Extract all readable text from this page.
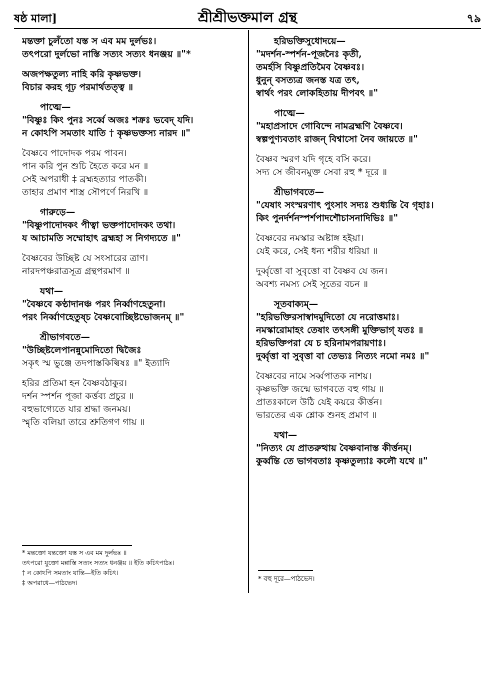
ষষ্ঠ মালা]	শ্রীশ্রীভক্তমাল গ্রন্থ	৭৯
মন্তক্তা চুলঁতো যস্ত স এব মম দুর্লভঃ।
তৎপরো দুর্লভো নাস্তি সত্যং সত্যং ধনঞ্জয় ॥"*
অজপক্ষতুল্য নাহি করি কৃষ্ণভক্ত।
বিচার করহ গূঢ় পরমার্থতত্ত্ব ॥
পাত্মে—
"বিষ্ণুঃ কিং পুনঃ সর্ব্বে অজঃ শক্রঃ ভবেদ্ যদি।
ন কোঽপি সমতাং যাতি † কৃষ্ণভক্তস্য নারদ ॥"
বৈষ্ণবে পাদোদক পরম পাবন।
পান করি পুন শুচি হৈতে করে মন ॥
সেই অপরাধী ‡ ব্রহ্মহত্যার পাতকী।
তাহার প্রমাণ শাস্ত্র সৌপর্ণে নিরখি ॥
গারুড়ে—
"বিষ্ণুপাদোদকং পীত্বা ভক্তপাদোদকং তথা।
য আচামতি সম্মোহাৎ ব্রহ্মহা স নিগদ্যতে ॥"
বৈষ্ণবের উচ্ছিষ্ট যে সংসারের ত্রাণ।
নারদপঞ্চরাত্রসূত্র গ্রন্থপরমাণ ॥
যথা—
"বৈষ্ণবে কণ্ঠাদানঞ্চ পরং নির্ব্বাণহেতুনা।
পরং নির্ব্বাণহেতুষ্চ বৈষ্ণবোচ্ছিষ্টভোজনম্ ॥"
শ্রীভাগবতে—
"উচ্ছিষ্টলেপানন্নুমোদিতো দ্বিজৈঃ
সকৃৎ স্ম ভুঞ্জে তদপাস্তকিল্বিষঃ ॥" ইত্যাদি
হরির প্রতিমা হন বৈষ্ণবঠাকুর।
দর্শন স্পর্শন পূজা কর্ত্তব্য প্রচুর ॥
বহুভাগ্যেতে যার শ্রদ্ধা জনময়।
স্মৃতি বলিয়া তারে শ্রুতিগণ গায় ॥
হরিভক্তিসুধোদয়ে—
"মদর্শন-স্পর্শন-পূজনৈঃ কৃতী,
তমর্হসি বিষ্ণুপ্রতিমৈব বৈষ্ণবঃ।
ধুনুন্ বসত্যত্র জনস্ত যত্র তৎ,
স্বার্থং পরং লোকহিতায় দীপবৎ ॥"
পাত্মে—
"মহাপ্রসাদে গোবিন্দে নামব্রহ্মণি বৈষ্ণবে।
স্বল্পপুণ্যবতাং রাজন্ বিশ্বাসো নৈব জায়তে ॥"
বৈষ্ণব স্মরণ যদি গৃহে বসি করে।
সদ্য সে জীবনমুক্ত সেবা রহু * দূরে ॥
শ্রীভাগবতে—
"যেষাং সংস্মরণাৎ পুংসাং সদ্যঃ শুধ্যন্তি বৈ গৃহাঃ।
কিং পুনর্দর্শনস্পর্শপাদশৌচাসনাদিভিঃ ॥"
বৈষ্ণবের নমস্কার অষ্টাঙ্গ হইয়া।
যেই করে, সেই ধন্য শরীর ধরিয়া ॥
দুর্ব্বৃত্তো বা সুবৃত্তো বা বৈষ্ণব যে জন।
অবশ্য নমস্য সেই সূতের বচন ॥
সূতবাক্যম্—
"হরিভক্তিরসাস্বাদমুদিতো যে নরোত্তমাঃ।
নমস্কারোমাহং তেষাং তৎসঙ্গী মুক্তিভাগ্ যতঃ ॥
হরিভক্তিপরা যে চ হরিনামপরায়ণাঃ।
দুর্ব্বৃত্তা বা সুবৃত্তা বা তেভ্যঃ নিত্যং নমো নমঃ ॥"
বৈষ্ণবের নামে সর্ব্বপাতক নাশয়।
কৃষ্ণভক্তি জন্মে ভাগবতে বহু গায় ॥
প্রাতঃকালে উঠি যেই কয়রে কীর্ত্তন।
ভারতের এক শ্লোক শুনহ প্রমাণ ॥
যথা—
"নিত্যং যে প্রাতরুত্থায় বৈষ্ণবানাস্ত কীর্ত্তনম্।
কুর্ব্বন্তি তে ভাগবতাঃ কৃষ্ণতুল্যাঃ কলৌ যথে ॥"
* মন্তক্তো যন্তক্তো যস্ত স এব মম দুর্লভঃ ॥
তৎপরো যুক্তো মন্নাস্তি সত্যং সত্যং ধনঞ্জয় ॥ ইতি কচিৎপাঠঃ।
† ন কোঽপি সমতাং যান্তি—ইতি কচিৎ।
‡ অপরাধে—পাঠভেদ।	* বহু দূরে—পাঠভেদ।
